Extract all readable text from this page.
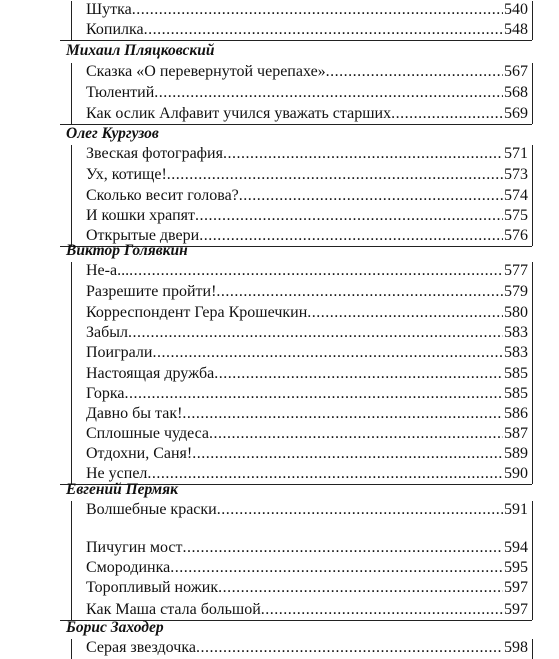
Шутка .....	540
Копилка .....	548
Михаил Пляцковский
Сказка «О перевернутой черепахе» .....	567
Тюлентий .....	568
Как ослик Алфавит учился уважать старших .....	569
Олег Кургузов
Звеская фотография .....	571
Ух, котище! .....	573
Сколько весит голова? .....	574
И кошки храпят .....	575
Открытые двери .....	576
Виктор Голявкин
Не-а... .....	577
Разрешите пройти! .....	579
Корреспондент Гера Крошечкин .....	580
Забыл .....	583
Поиграли .....	583
Настоящая дружба .....	585
Горка .....	585
Давно бы так! .....	586
Сплошные чудеса .....	587
Отдохни, Саня! .....	589
Не успел .....	590
Евгений Пермяк
Волшебные краски .....	591
Пичугин мост .....	594
Смородинка .....	595
Торопливый ножик .....	597
Как Маша стала большой .....	597
Борис Заходер
Серая звездочка .....	598
